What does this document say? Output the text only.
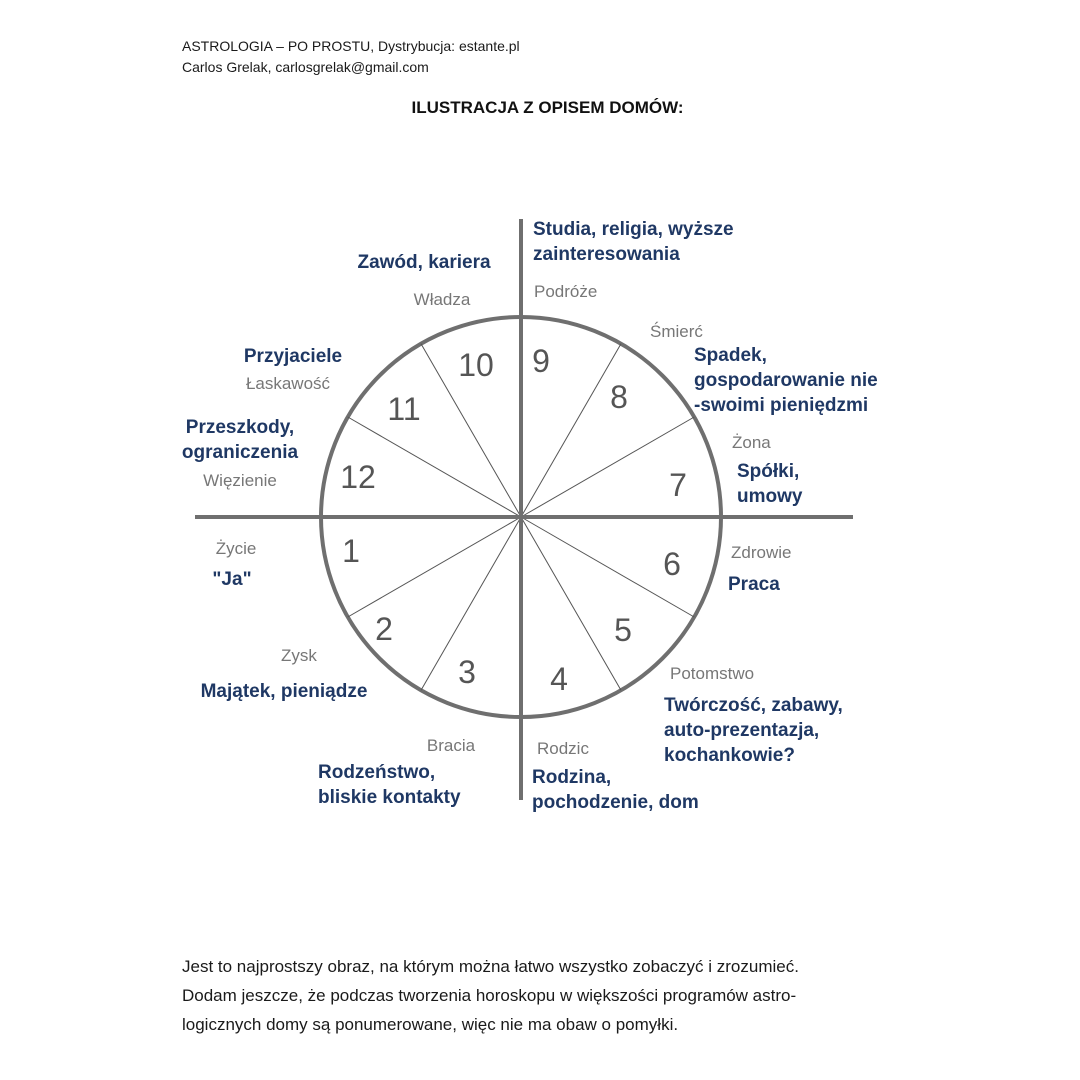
ASTROLOGIA – PO PROSTU, Dystrybucja: estante.pl
Carlos Grelak, carlosgrelak@gmail.com
ILUSTRACJA Z OPISEM DOMÓW:
1
2
3 4
5
6
7
8
9
10
11
12
Życie
"Ja"
Zysk
Majątek, pieniądze
Bracia
Rodzeństwo,
bliskie kontakty
Rodzic
Rodzina,
pochodzenie, dom
Potomstwo
Twórczość, zabawy,
auto-prezentazja,
kochankowie?
Zdrowie
Praca
Żona
Spółki,
umowy
Śmierć
Spadek,
gospodarowanie nie
-swoimi pieniędzmi
Podróże
Studia, religia, wyższe
zainteresowania
Władza
Zawód, kariera
Łaskawość
Przyjaciele
Więzienie
Przeszkody,
ograniczenia
Jest to najprostszy obraz, na którym można łatwo wszystko zobaczyć i zrozumieć.
Dodam jeszcze, że podczas tworzenia horoskopu w większości programów astro-
logicznych domy są ponumerowane, więc nie ma obaw o pomyłki.
